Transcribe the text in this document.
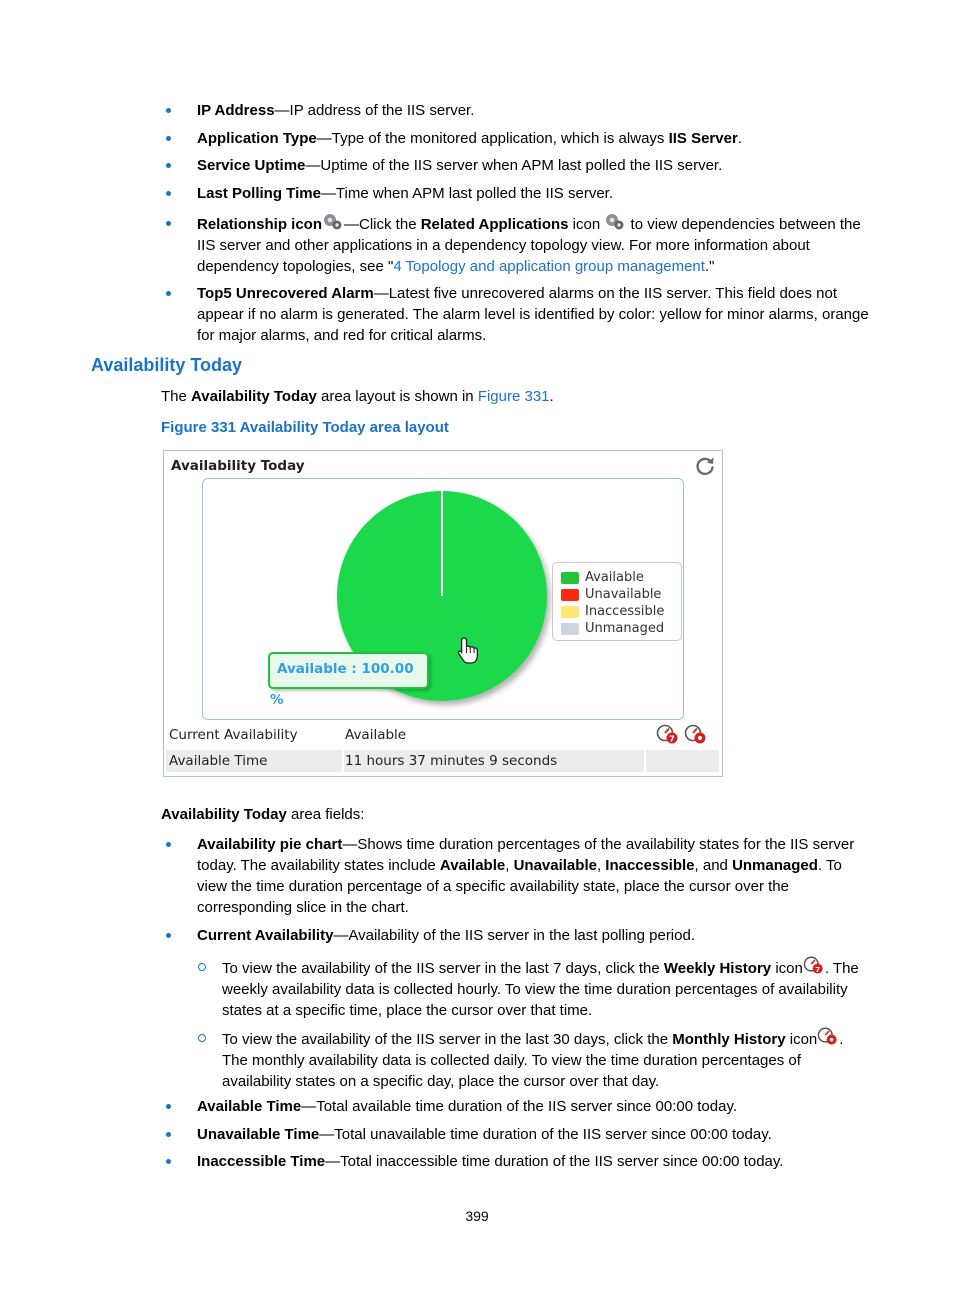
IP Address—IP address of the IIS server.
Application Type—Type of the monitored application, which is always IIS Server.
Service Uptime—Uptime of the IIS server when APM last polled the IIS server.
Last Polling Time—Time when APM last polled the IIS server.
Relationship icon —Click the Related Applications icon  to view dependencies between the IIS server and other applications in a dependency topology view. For more information about dependency topologies, see "4 Topology and application group management."
Top5 Unrecovered Alarm—Latest five unrecovered alarms on the IIS server. This field does not appear if no alarm is generated. The alarm level is identified by color: yellow for minor alarms, orange for major alarms, and red for critical alarms.
Availability Today
The Availability Today area layout is shown in Figure 331.
Figure 331 Availability Today area layout
Availability Today
Available
Unavailable
Inaccessible
Unmanaged
Available : 100.00 %
Current Availability	Available	7

Available Time	11 hours 37 minutes 9 seconds
Availability Today area fields:
Availability pie chart—Shows time duration percentages of the availability states for the IIS server today. The availability states include Available, Unavailable, Inaccessible, and Unmanaged. To view the time duration percentage of a specific availability state, place the cursor over the corresponding slice in the chart.
Current Availability—Availability of the IIS server in the last polling period.
To view the availability of the IIS server in the last 7 days, click the Weekly History icon 7 . The weekly availability data is collected hourly. To view the time duration percentages of availability states at a specific time, place the cursor over that time.
To view the availability of the IIS server in the last 30 days, click the Monthly History icon . The monthly availability data is collected daily. To view the time duration percentages of availability states on a specific day, place the cursor over that day.
Available Time—Total available time duration of the IIS server since 00:00 today.
Unavailable Time—Total unavailable time duration of the IIS server since 00:00 today.
Inaccessible Time—Total inaccessible time duration of the IIS server since 00:00 today.
399
